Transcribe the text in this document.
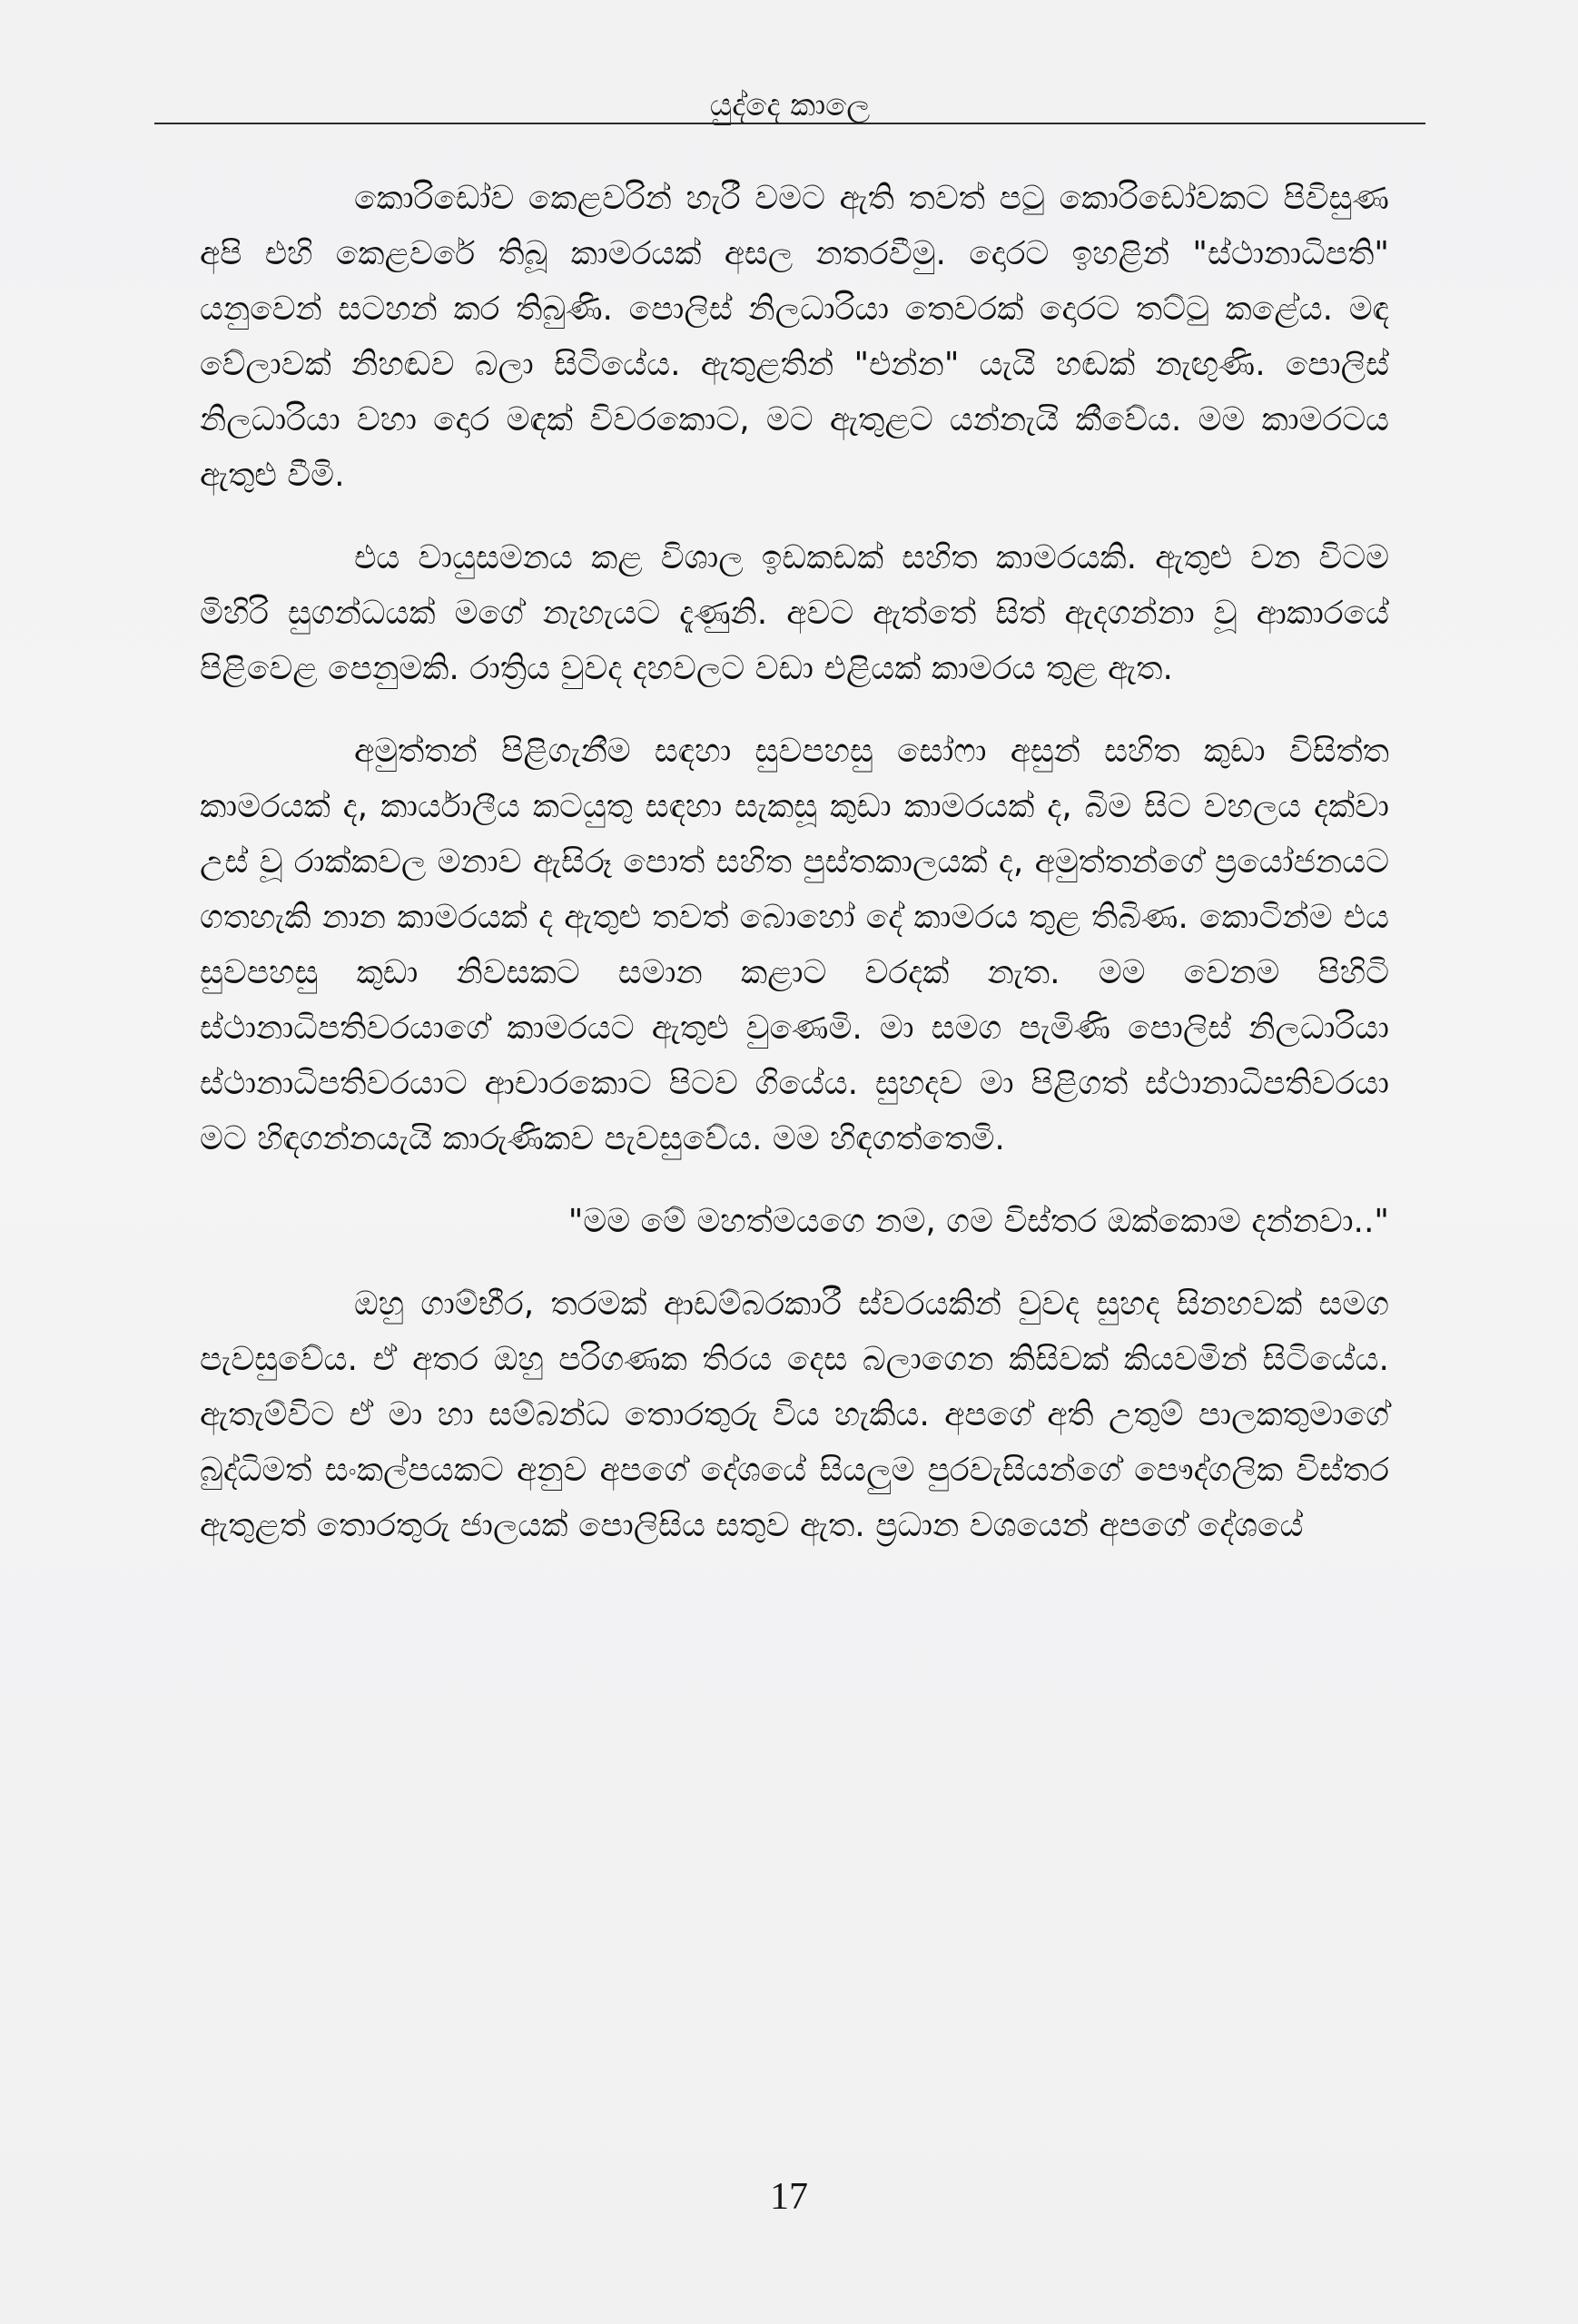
යුද්දෙ කාලෙ

කොරිඩෝව කෙළවරින් හැරී වමට ඇති තවත් පටු කොරිඩෝවකට පිවිසුණ අපි එහි කෙළවරේ තිබූ කාමරයක් අසල නතරවීමු. දොරට ඉහළින් "ස්ථානාධිපති" යනුවෙන් සටහන් කර තිබුණි. පොලිස් නිලධාරියා තෙවරක් දොරට තට්ටු කළේය. මඳ වේලාවක් නිහඬව බලා සිටියේය. ඇතුළතින් "එන්න" යැයි හඬක් නැඟුණි. පොලිස් නිලධාරියා වහා දොර මඳක් විවරකොට, මට ඇතුළට යන්නැයි කීවේය. මම කාමරටය ඇතුළු වීමි.

එය වායුසමනය කළ විශාල ඉඩකඩක් සහිත කාමරයකි. ඇතුළු වන විටම මිහිරි සුගන්ධයක් මගේ නැහැයට දැණුනි. අවට ඇත්තේ සිත් ඇදගන්නා වූ ආකාරයේ පිළිවෙළ පෙනුමකි. රාත්‍රිය වුවද දහවලට වඩා එළියක් කාමරය තුළ ඇත.

අමුත්තන් පිළිගැනීම සඳහා සුවපහසු සෝෆා අසුන් සහිත කුඩා විසිත්ත කාමරයක් ද, කාර්යාලීය කටයුතු සඳහා සැකසූ කුඩා කාමරයක් ද, බිම සිට වහලය දක්වා උස් වූ රාක්කවල මනාව ඇසිරූ පොත් සහිත පුස්තකාලයක් ද, අමුත්තන්ගේ ප්‍රයෝජනයට ගතහැකි නාන කාමරයක් ද ඇතුළු තවත් බොහෝ දේ කාමරය තුළ තිබිණ. කොටින්ම එය සුවපහසු කුඩා නිවසකට සමාන කළාට වරදක් නැත. මම වෙනම පිහිටි ස්ථානාධිපතිවරයාගේ කාමරයට ඇතුළු වුණෙමි. මා සමග පැමිණි පොලිස් නිලධාරියා ස්ථානාධිපතිවරයාට ආචාරකොට පිටව ගියේය. සුහදව මා පිළිගත් ස්ථානාධිපතිවරයා මට හිඳගන්නයැයි කාරුණිකව පැවසුවේය. මම හිඳගත්තෙමි.

"මම මේ මහත්මයගෙ නම, ගම විස්තර ඔක්කොම දන්නවා.."

ඔහු ගාම්භීර, තරමක් ආඩම්බරකාරී ස්වරයකින් වුවද සුහද සිනහවක් සමග පැවසුවේය. ඒ අතර ඔහු පරිගණක තිරය දෙස බලාගෙන කිසිවක් කියවමින් සිටියේය. ඇතැම්විට ඒ මා හා සම්බන්ධ තොරතුරු විය හැකිය. අපගේ අති උතුම් පාලකතුමාගේ බුද්ධිමත් සංකල්පයකට අනුව අපගේ දේශයේ සියලුම පුරවැසියන්ගේ පෞද්ගලික විස්තර ඇතුළත් තොරතුරු ජාලයක් පොලිසිය සතුව ඇත. ප්‍රධාන වශයෙන් අපගේ දේශයේ

17
